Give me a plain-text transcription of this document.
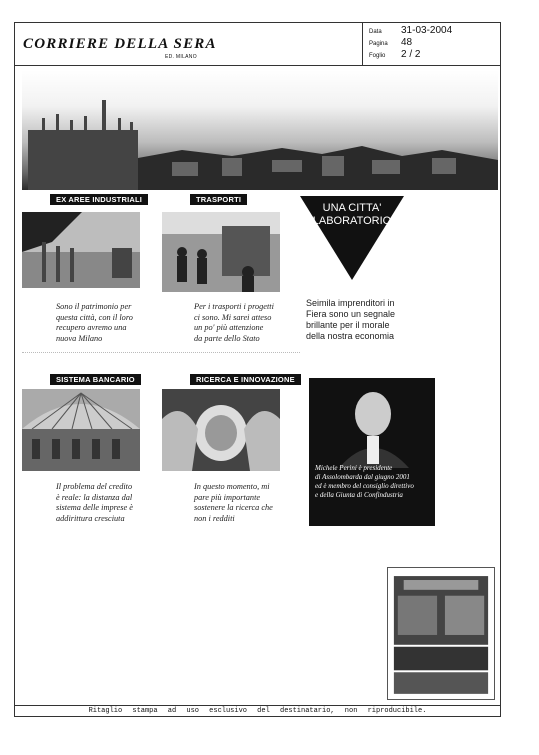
CORRIERE DELLA SERA
ED. MILANO
Data 31-03-2004
Pagina 48
Foglio 2 / 2
EX AREE INDUSTRIALI	TRASPORTI
SISTEMA BANCARIO	RICERCA E INNOVAZIONE
Sono il patrimonio per
questa città, con il loro
recupero avremo una
nuova Milano
Per i trasporti i progetti
ci sono. Mi sarei atteso
un po' più attenzione
da parte dello Stato
Il problema del credito
è reale: la distanza dal
sistema delle imprese è
addirittura cresciuta
In questo momento, mi
pare più importante
sostenere la ricerca che
non i redditi
UNA CITTA'
LABORATORIO
Seimila imprenditori in
Fiera sono un segnale
brillante per il morale
della nostra economia
Michele Perini è presidente
di Assolombarda dal giugno 2001
ed è membro del consiglio direttivo
e della Giunta di Confindustria
Ritaglio stampa ad uso esclusivo del destinatario, non riproducibile.
